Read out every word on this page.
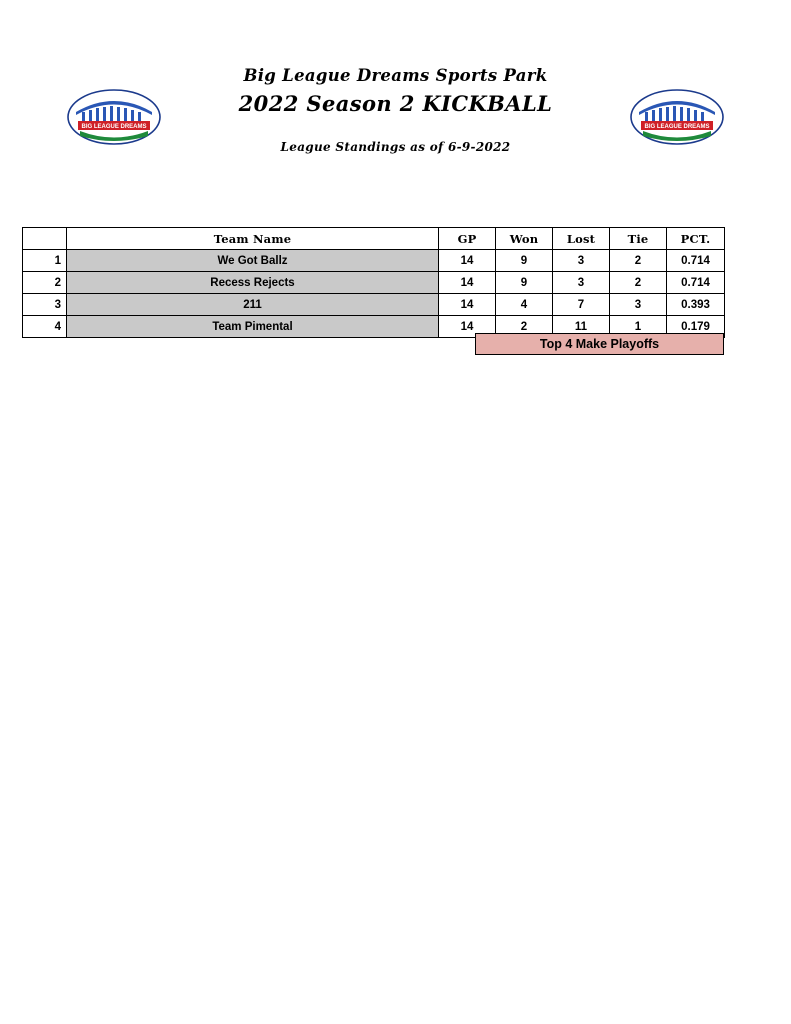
BIG LEAGUE DREAMS	BIG LEAGUE DREAMS
Big League Dreams Sports Park
2022 Season 2 KICKBALL
League Standings as of 6-9-2022
	Team Name	GP	Won	Lost	Tie	PCT.
1	We Got Ballz	14	9	3	2	0.714
2	Recess Rejects	14	9	3	2	0.714
3	211	14	4	7	3	0.393
4	Team Pimental	14	2	11	1	0.179
Top 4 Make Playoffs
